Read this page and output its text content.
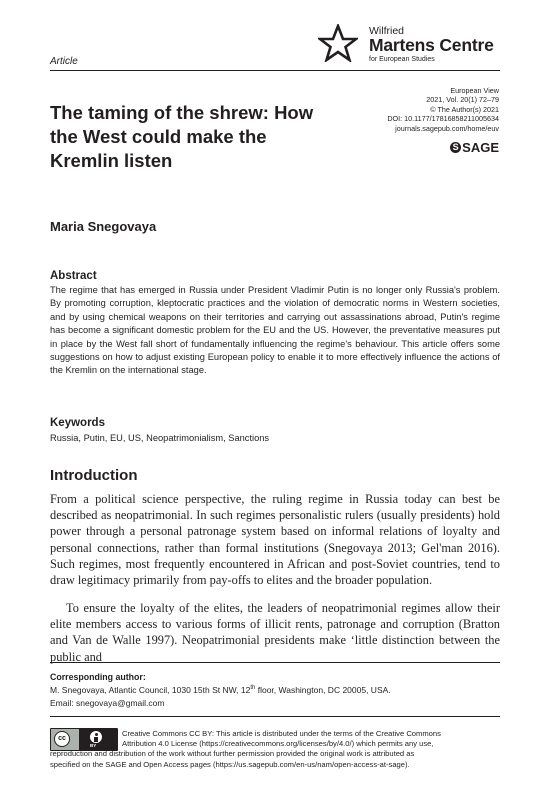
Article
Wilfried
Martens Centre
for European Studies
European View
2021, Vol. 20(1) 72–79
© The Author(s) 2021
DOI: 10.1177/17816858211005634
journals.sagepub.com/home/euv
S SAGE
The taming of the shrew: How the West could make the Kremlin listen
Maria Snegovaya
Abstract

The regime that has emerged in Russia under President Vladimir Putin is no longer only Russia's problem. By promoting corruption, kleptocratic practices and the violation of democratic norms in Western societies, and by using chemical weapons on their territories and carrying out assassinations abroad, Putin's regime has become a significant domestic problem for the EU and the US. However, the preventative measures put in place by the West fall short of fundamentally influencing the regime's behaviour. This article offers some suggestions on how to adjust existing European policy to enable it to more effectively influence the actions of the Kremlin on the international stage.

Keywords
Russia, Putin, EU, US, Neopatrimonialism, Sanctions
Introduction

From a political science perspective, the ruling regime in Russia today can best be described as neopatrimonial. In such regimes personalistic rulers (usually presidents) hold power through a personal patronage system based on informal relations of loyalty and personal connections, rather than formal institutions (Snegovaya 2013; Gel'man 2016). Such regimes, most frequently encountered in African and post-Soviet countries, tend to draw legitimacy primarily from pay-offs to elites and the broader population.

To ensure the loyalty of the elites, the leaders of neopatrimonial regimes allow their elite members access to various forms of illicit rents, patronage and corruption (Bratton and Van de Walle 1997). Neopatrimonial presidents make ‘little distinction between the public and

Corresponding author:
M. Snegovaya, Atlantic Council, 1030 15th St NW, 12th floor, Washington, DC 20005, USA.
Email: snegovaya@gmail.com
cc
BY

Creative Commons CC BY: This article is distributed under the terms of the Creative Commons
Attribution 4.0 License (https://creativecommons.org/licenses/by/4.0/) which permits any use,
reproduction and distribution of the work without further permission provided the original work is attributed as
specified on the SAGE and Open Access pages (https://us.sagepub.com/en-us/nam/open-access-at-sage).
